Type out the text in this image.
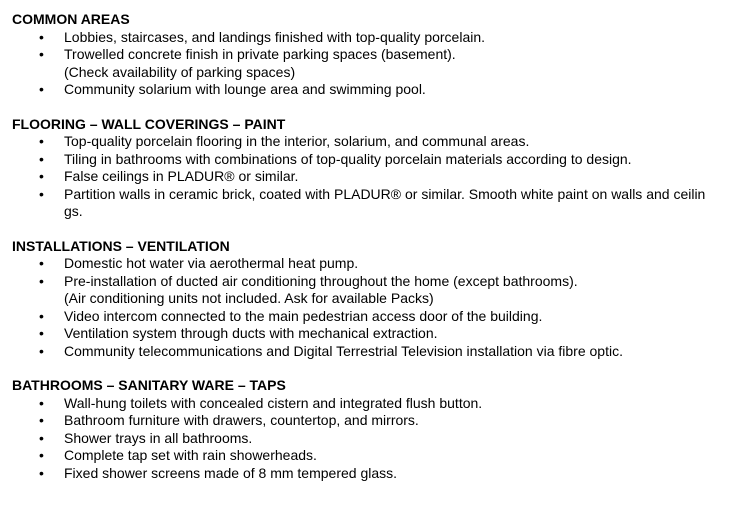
COMMON AREAS
• Lobbies, staircases, and landings finished with top-quality porcelain.
• Trowelled concrete finish in private parking spaces (basement).
(Check availability of parking spaces)
• Community solarium with lounge area and swimming pool.
FLOORING – WALL COVERINGS – PAINT
• Top-quality porcelain flooring in the interior, solarium, and communal areas.
• Tiling in bathrooms with combinations of top-quality porcelain materials according to design.
• False ceilings in PLADUR® or similar.
• Partition walls in ceramic brick, coated with PLADUR® or similar. Smooth white paint on walls and ceilin
gs.
INSTALLATIONS – VENTILATION
• Domestic hot water via aerothermal heat pump.
• Pre-installation of ducted air conditioning throughout the home (except bathrooms).
(Air conditioning units not included. Ask for available Packs)
• Video intercom connected to the main pedestrian access door of the building.
• Ventilation system through ducts with mechanical extraction.
• Community telecommunications and Digital Terrestrial Television installation via fibre optic.
BATHROOMS – SANITARY WARE – TAPS
• Wall-hung toilets with concealed cistern and integrated flush button.
• Bathroom furniture with drawers, countertop, and mirrors.
• Shower trays in all bathrooms.
• Complete tap set with rain showerheads.
• Fixed shower screens made of 8 mm tempered glass.
